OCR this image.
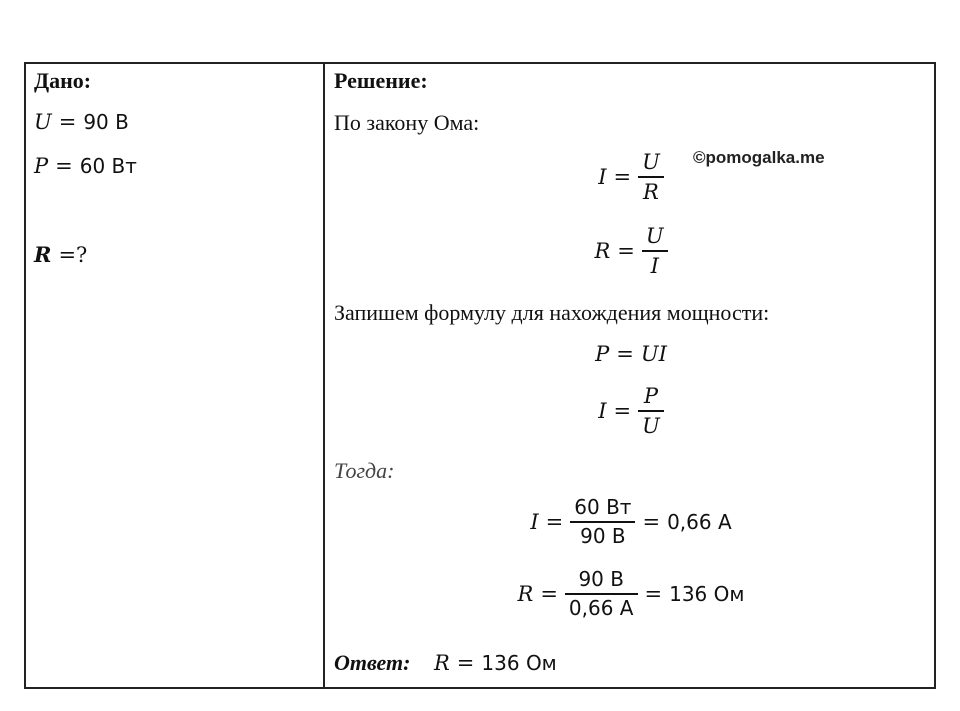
Дано:
U = 90 В
P = 60 Вт
R =?
Решение:
По закону Ома:
$I = \frac{U}{R}$
$R = \frac{U}{I}$
Запишем формулу для нахождения мощности:
P = UI
$I = \frac{P}{U}$
Тогда:
$I = \frac{60 Вт}{90 В} = 0,66$ А
$R = \frac{90 В}{0,66 А} = 136$ Ом
Ответ: R = 136 Ом
©pomogalka.me
